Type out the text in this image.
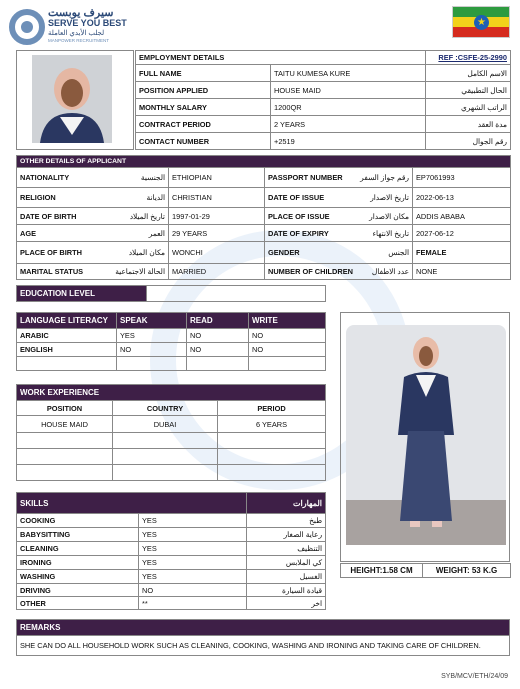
سيرف يوبست
SERVE YOU BEST
لجلب الأيدي العاملة
MANPOWER RECRUITMENT
★
EMPLOYMENT DETAILS		REF :CSFE-25-2990
FULL NAME	TAITU KUMESA KURE	الاسم الكامل
POSITION APPLIED	HOUSE MAID	الحال التطبيقي
MONTHLY SALARY	1200QR	الراتب الشهري
CONTRACT PERIOD	2 YEARS	مدة العقد
CONTACT NUMBER	+2519	رقم الجوال
OTHER DETAILS OF APPLICANT					
NATIONALITY	الجنسية	ETHIOPIAN	PASSPORT NUMBER	رقم جواز السفر	EP7061993
RELIGION	الديانة	CHRISTIAN	DATE OF ISSUE	تاريخ الاصدار	2022-06-13
DATE OF BIRTH	تاريخ الميلاد	1997-01-29	PLACE OF ISSUE	مكان الاصدار	ADDIS ABABA
AGE	العمر	29 YEARS	DATE OF EXPIRY	تاريخ الانتهاء	2027-06-12
PLACE OF BIRTH	مكان الميلاد	WONCHI	GENDER	الجنس	FEMALE
MARITAL STATUS	الحالة الاجتماعية	MARRIED	NUMBER OF CHILDREN	عدد الاطفال	NONE
EDUCATION LEVEL	
LANGUAGE LITERACY	SPEAK	READ	WRITE
ARABIC	YES	NO	NO
ENGLISH	NO	NO	NO

WORK EXPERIENCE		
POSITION	COUNTRY	PERIOD
HOUSE MAID	DUBAI	6 YEARS

SKILLS		المهارات
COOKING	YES	طبخ
BABYSITTING	YES	رعاية الصغار
CLEANING	YES	التنظيف
IRONING	YES	كي الملابس
WASHING	YES	الغسيل
DRIVING	NO	قيادة السيارة
OTHER	**	اخر
HEIGHT:1.58 CM	WEIGHT: 53 K.G
REMARKS
SHE CAN DO ALL HOUSEHOLD WORK SUCH AS CLEANING, COOKING, WASHING AND IRONING AND TAKING CARE OF CHILDREN.
SYB/MCV/ETH/24/09
